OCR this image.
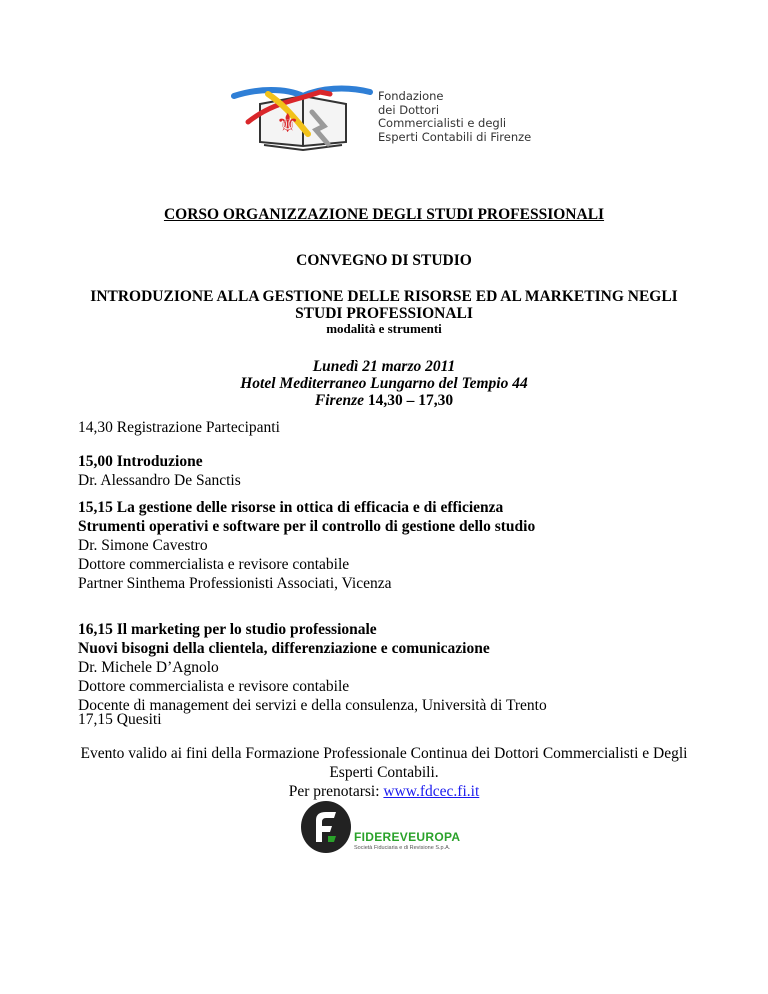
⚜
Fondazione
dei Dottori
Commercialisti e degli
Esperti Contabili di Firenze
CORSO ORGANIZZAZIONE DEGLI STUDI PROFESSIONALI
CONVEGNO DI STUDIO
INTRODUZIONE ALLA GESTIONE DELLE RISORSE ED AL MARKETING NEGLI
STUDI PROFESSIONALI
modalità e strumenti
Lunedì 21 marzo 2011
Hotel Mediterraneo Lungarno del Tempio 44
Firenze 14,30 – 17,30
14,30 Registrazione Partecipanti
15,00 Introduzione
Dr. Alessandro De Sanctis
15,15 La gestione delle risorse in ottica di efficacia e di efficienza
Strumenti operativi e software per il controllo di gestione dello studio
Dr. Simone Cavestro
Dottore commercialista e revisore contabile
Partner Sinthema Professionisti Associati, Vicenza
16,15 Il marketing per lo studio professionale
Nuovi bisogni della clientela, differenziazione e comunicazione
Dr. Michele D’Agnolo
Dottore commercialista e revisore contabile
Docente di management dei servizi e della consulenza, Università di Trento
17,15 Quesiti
Evento valido ai fini della Formazione Professionale Continua dei Dottori Commercialisti e Degli
Esperti Contabili.
Per prenotarsi: www.fdcec.fi.it
FIDEREVEUROPA
Società Fiduciaria e di Revisione S.p.A.
